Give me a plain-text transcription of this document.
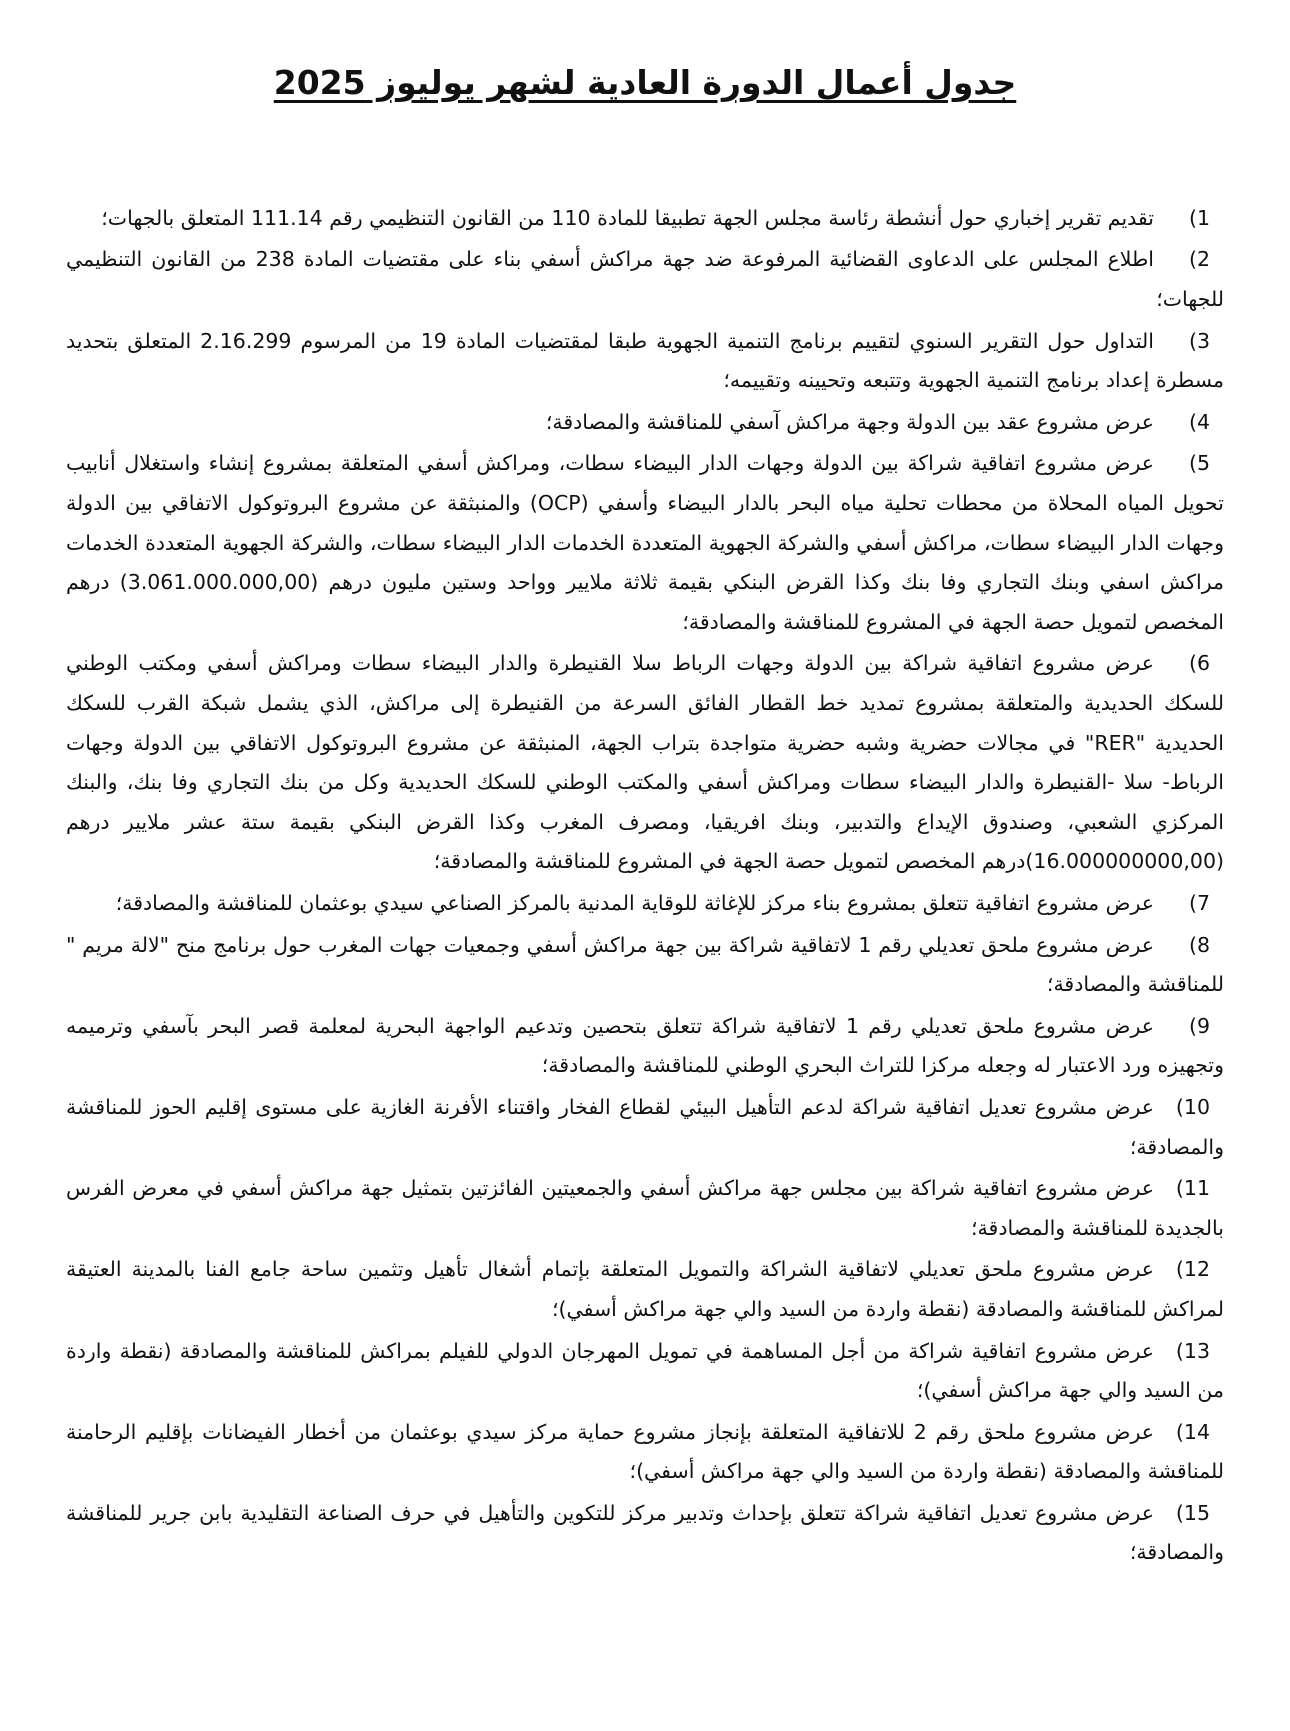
جدول أعمال الدورة العادية لشهر يوليوز 2025
1)تقديم تقرير إخباري حول أنشطة رئاسة مجلس الجهة تطبيقا للمادة 110 من القانون التنظيمي رقم 111.14 المتعلق بالجهات؛
2)اطلاع المجلس على الدعاوى القضائية المرفوعة ضد جهة مراكش أسفي بناء على مقتضيات المادة 238 من القانون التنظيمي للجهات؛
3)التداول حول التقرير السنوي لتقييم برنامج التنمية الجهوية طبقا لمقتضيات المادة 19 من المرسوم 2.16.299 المتعلق بتحديد مسطرة إعداد برنامج التنمية الجهوية وتتبعه وتحيينه وتقييمه؛
4)عرض مشروع عقد بين الدولة وجهة مراكش آسفي للمناقشة والمصادقة؛
5)عرض مشروع اتفاقية شراكة بين الدولة وجهات الدار البيضاء سطات، ومراكش أسفي المتعلقة بمشروع إنشاء واستغلال أنابيب تحويل المياه المحلاة من محطات تحلية مياه البحر بالدار البيضاء وأسفي (OCP) والمنبثقة عن مشروع البروتوكول الاتفاقي بين الدولة وجهات الدار البيضاء سطات، مراكش أسفي والشركة الجهوية المتعددة الخدمات الدار البيضاء سطات، والشركة الجهوية المتعددة الخدمات مراكش اسفي وبنك التجاري وفا بنك وكذا القرض البنكي بقيمة ثلاثة ملايير وواحد وستين مليون درهم (3.061.000.000,00) درهم المخصص لتمويل حصة الجهة في المشروع للمناقشة والمصادقة؛
6)عرض مشروع اتفاقية شراكة بين الدولة وجهات الرباط سلا القنيطرة والدار البيضاء سطات ومراكش أسفي ومكتب الوطني للسكك الحديدية والمتعلقة بمشروع تمديد خط القطار الفائق السرعة من القنيطرة إلى مراكش، الذي يشمل شبكة القرب للسكك الحديدية "RER" في مجالات حضرية وشبه حضرية متواجدة بتراب الجهة، المنبثقة عن مشروع البروتوكول الاتفاقي بين الدولة وجهات الرباط- سلا -القنيطرة والدار البيضاء سطات ومراكش أسفي والمكتب الوطني للسكك الحديدية وكل من بنك التجاري وفا بنك، والبنك المركزي الشعبي، وصندوق الإيداع والتدبير، وبنك افريقيا، ومصرف المغرب وكذا القرض البنكي بقيمة ستة عشر ملايير درهم (16.000000000,00)درهم المخصص لتمويل حصة الجهة في المشروع للمناقشة والمصادقة؛
7)عرض مشروع اتفاقية تتعلق بمشروع بناء مركز للإغاثة للوقاية المدنية بالمركز الصناعي سيدي بوعثمان للمناقشة والمصادقة؛
8)عرض مشروع ملحق تعديلي رقم 1 لاتفاقية شراكة بين جهة مراكش أسفي وجمعيات جهات المغرب حول برنامج منح "لالة مريم " للمناقشة والمصادقة؛
9)عرض مشروع ملحق تعديلي رقم 1 لاتفاقية شراكة تتعلق بتحصين وتدعيم الواجهة البحرية لمعلمة قصر البحر بآسفي وترميمه وتجهيزه ورد الاعتبار له وجعله مركزا للتراث البحري الوطني للمناقشة والمصادقة؛
10)عرض مشروع تعديل اتفاقية شراكة لدعم التأهيل البيئي لقطاع الفخار واقتناء الأفرنة الغازية على مستوى إقليم الحوز للمناقشة والمصادقة؛
11)عرض مشروع اتفاقية شراكة بين مجلس جهة مراكش أسفي والجمعيتين الفائزتين بتمثيل جهة مراكش أسفي في معرض الفرس بالجديدة للمناقشة والمصادقة؛
12)عرض مشروع ملحق تعديلي لاتفاقية الشراكة والتمويل المتعلقة بإتمام أشغال تأهيل وتثمين ساحة جامع الفنا بالمدينة العتيقة لمراكش للمناقشة والمصادقة (نقطة واردة من السيد والي جهة مراكش أسفي)؛
13)عرض مشروع اتفاقية شراكة من أجل المساهمة في تمويل المهرجان الدولي للفيلم بمراكش للمناقشة والمصادقة (نقطة واردة من السيد والي جهة مراكش أسفي)؛
14)عرض مشروع ملحق رقم 2 للاتفاقية المتعلقة بإنجاز مشروع حماية مركز سيدي بوعثمان من أخطار الفيضانات بإقليم الرحامنة للمناقشة والمصادقة (نقطة واردة من السيد والي جهة مراكش أسفي)؛
15)عرض مشروع تعديل اتفاقية شراكة تتعلق بإحداث وتدبير مركز للتكوين والتأهيل في حرف الصناعة التقليدية بابن جرير للمناقشة والمصادقة؛
